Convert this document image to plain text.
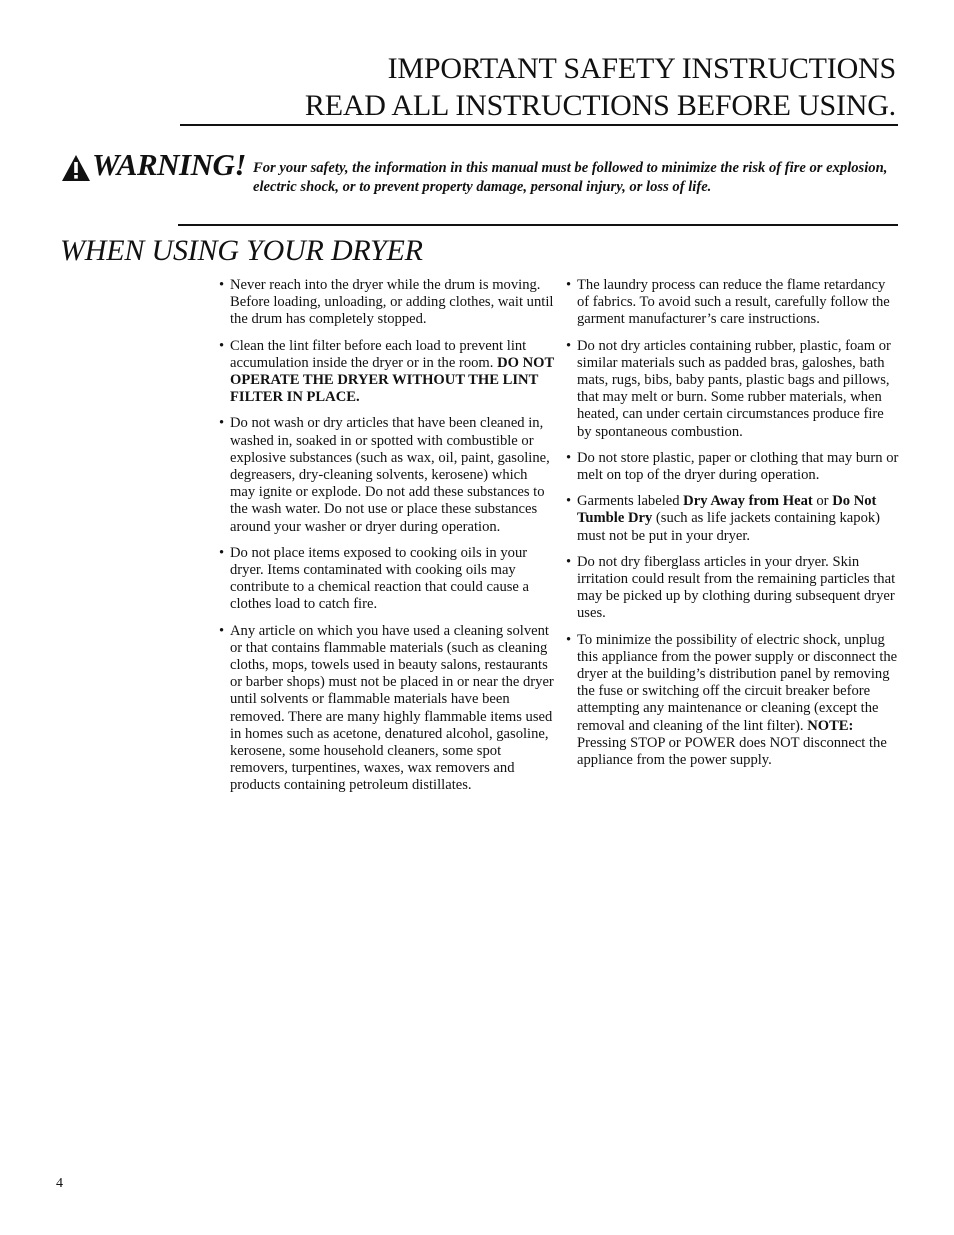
IMPORTANT SAFETY INSTRUCTIONS
READ ALL INSTRUCTIONS BEFORE USING.
WARNING! For your safety, the information in this manual must be followed to minimize the risk of fire or explosion, electric shock, or to prevent property damage, personal injury, or loss of life.
WHEN USING YOUR DRYER
• Never reach into the dryer while the drum is moving. Before loading, unloading, or adding clothes, wait until the drum has completely stopped.
• Clean the lint filter before each load to prevent lint accumulation inside the dryer or in the room. DO NOT OPERATE THE DRYER WITHOUT THE LINT FILTER IN PLACE.
• Do not wash or dry articles that have been cleaned in, washed in, soaked in or spotted with combustible or explosive substances (such as wax, oil, paint, gasoline, degreasers, dry-cleaning solvents, kerosene) which may ignite or explode. Do not add these substances to the wash water. Do not use or place these substances around your washer or dryer during operation.
• Do not place items exposed to cooking oils in your dryer. Items contaminated with cooking oils may contribute to a chemical reaction that could cause a clothes load to catch fire.
• Any article on which you have used a cleaning solvent or that contains flammable materials (such as cleaning cloths, mops, towels used in beauty salons, restaurants or barber shops) must not be placed in or near the dryer until solvents or flammable materials have been removed. There are many highly flammable items used in homes such as acetone, denatured alcohol, gasoline, kerosene, some household cleaners, some spot removers, turpentines, waxes, wax removers and products containing petroleum distillates.
• The laundry process can reduce the flame retardancy of fabrics. To avoid such a result, carefully follow the garment manufacturer’s care instructions.
• Do not dry articles containing rubber, plastic, foam or similar materials such as padded bras, galoshes, bath mats, rugs, bibs, baby pants, plastic bags and pillows, that may melt or burn. Some rubber materials, when heated, can under certain circumstances produce fire by spontaneous combustion.
• Do not store plastic, paper or clothing that may burn or melt on top of the dryer during operation.
• Garments labeled Dry Away from Heat or Do Not Tumble Dry (such as life jackets containing kapok) must not be put in your dryer.
• Do not dry fiberglass articles in your dryer. Skin irritation could result from the remaining particles that may be picked up by clothing during subsequent dryer uses.
• To minimize the possibility of electric shock, unplug this appliance from the power supply or disconnect the dryer at the building’s distribution panel by removing the fuse or switching off the circuit breaker before attempting any maintenance or cleaning (except the removal and cleaning of the lint filter). NOTE: Pressing STOP or POWER does NOT disconnect the appliance from the power supply.
4
